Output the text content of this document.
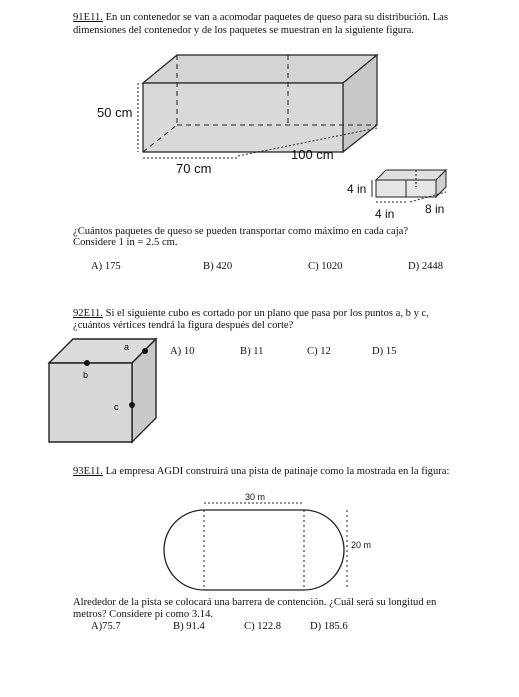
91E11. En un contenedor se van a acomodar paquetes de queso para su distribución. Las
dimensiones del contenedor y de los paquetes se muestran en la siguiente figura.
50 cm
70 cm
100 cm
4 in
4 in	8 in
¿Cuántos paquetes de queso se pueden transportar como máximo en cada caja?
Considere 1 in = 2.5 cm.
A) 175	B) 420	C) 1020	D) 2448
92E11. Si el siguiente cubo es cortado por un plano que pasa por los puntos a, b y c,
¿cuántos vértices tendrá la figura después del corte?
a
b
c
A) 10	B) 11	C) 12	D) 15
93E11. La empresa AGDI construirá una pista de patinaje como la mostrada en la figura:
30 m
20 m
Alrededor de la pista se colocará una barrera de contención. ¿Cuál será su longitud en
metros? Considere pi como 3.14.
A)75.7	B) 91.4	C) 122.8	D) 185.6
